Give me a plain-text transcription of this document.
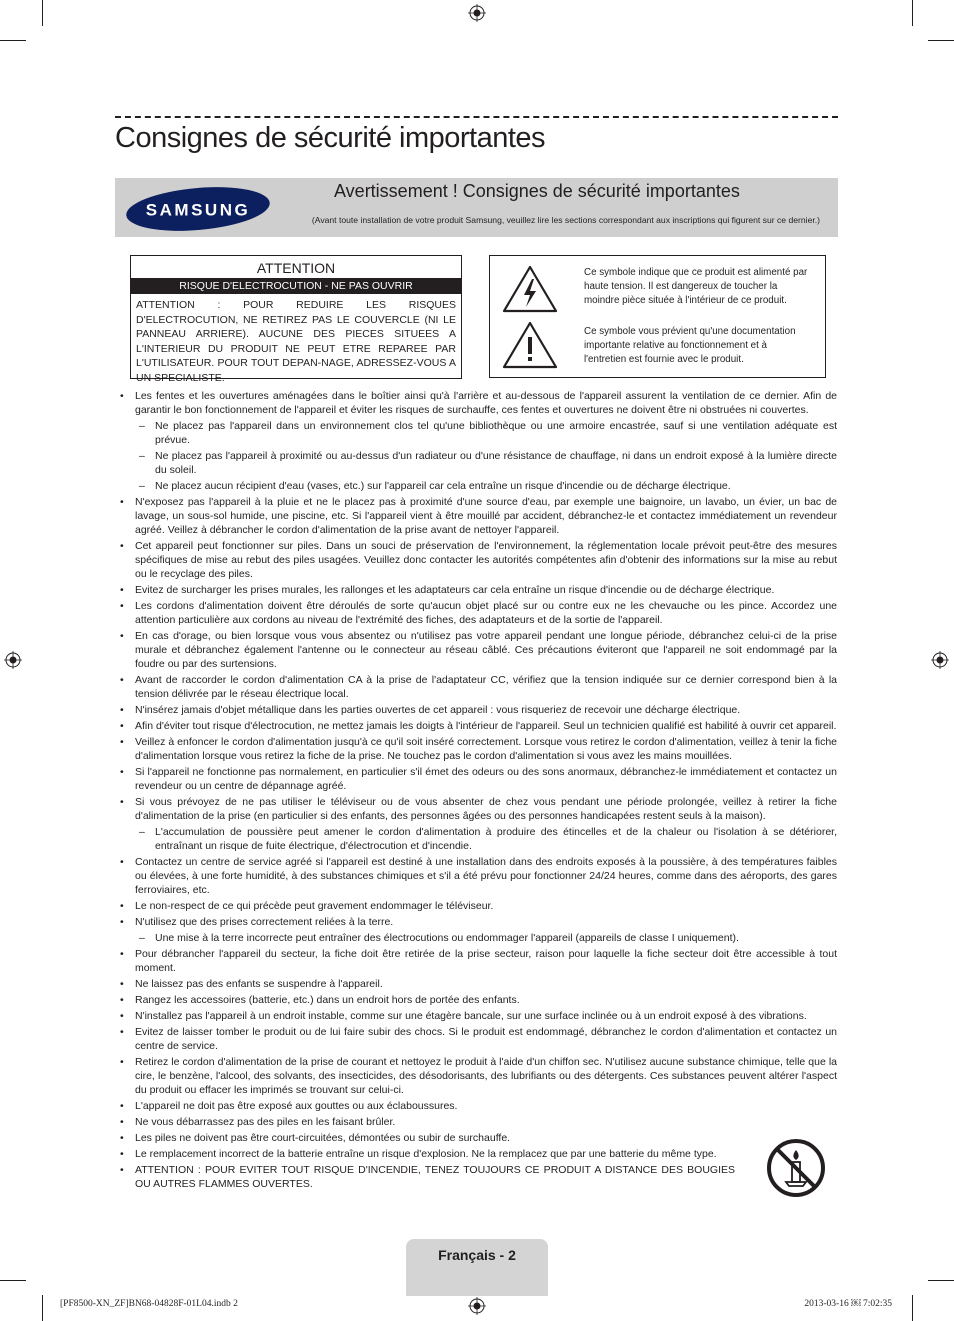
Consignes de sécurité importantes
SAMSUNG
Avertissement ! Consignes de sécurité importantes
(Avant toute installation de votre produit Samsung, veuillez lire les sections correspondant aux inscriptions qui figurent sur ce dernier.)
ATTENTION
RISQUE D'ELECTROCUTION - NE PAS OUVRIR
ATTENTION : POUR REDUIRE LES RISQUES D'ELECTROCUTION, NE RETIREZ PAS LE COUVERCLE (NI LE PANNEAU ARRIERE). AUCUNE DES PIECES SITUEES A L'INTERIEUR DU PRODUIT NE PEUT ETRE REPAREE PAR L'UTILISATEUR. POUR TOUT DEPAN-NAGE, ADRESSEZ-VOUS A UN SPECIALISTE.
Ce symbole indique que ce produit est alimenté par haute tension. Il est dangereux de toucher la moindre pièce située à l'intérieur de ce produit.
Ce symbole vous prévient qu'une documentation importante relative au fonctionnement et à l'entretien est fournie avec le produit.
• Les fentes et les ouvertures aménagées dans le boîtier ainsi qu'à l'arrière et au-dessous de l'appareil assurent la ventilation de ce dernier. Afin de garantir le bon fonctionnement de l'appareil et éviter les risques de surchauffe, ces fentes et ouvertures ne doivent être ni obstruées ni couvertes.
– Ne placez pas l'appareil dans un environnement clos tel qu'une bibliothèque ou une armoire encastrée, sauf si une ventilation adéquate est prévue.
– Ne placez pas l'appareil à proximité ou au-dessus d'un radiateur ou d'une résistance de chauffage, ni dans un endroit exposé à la lumière directe du soleil.
– Ne placez aucun récipient d'eau (vases, etc.) sur l'appareil car cela entraîne un risque d'incendie ou de décharge électrique.
• N'exposez pas l'appareil à la pluie et ne le placez pas à proximité d'une source d'eau, par exemple une baignoire, un lavabo, un évier, un bac de lavage, un sous-sol humide, une piscine, etc. Si l'appareil vient à être mouillé par accident, débranchez-le et contactez immédiatement un revendeur agréé. Veillez à débrancher le cordon d'alimentation de la prise avant de nettoyer l'appareil.
• Cet appareil peut fonctionner sur piles. Dans un souci de préservation de l'environnement, la réglementation locale prévoit peut-être des mesures spécifiques de mise au rebut des piles usagées. Veuillez donc contacter les autorités compétentes afin d'obtenir des informations sur la mise au rebut ou le recyclage des piles.
• Evitez de surcharger les prises murales, les rallonges et les adaptateurs car cela entraîne un risque d'incendie ou de décharge électrique.
• Les cordons d'alimentation doivent être déroulés de sorte qu'aucun objet placé sur ou contre eux ne les chevauche ou les pince. Accordez une attention particulière aux cordons au niveau de l'extrémité des fiches, des adaptateurs et de la sortie de l'appareil.
• En cas d'orage, ou bien lorsque vous vous absentez ou n'utilisez pas votre appareil pendant une longue période, débranchez celui-ci de la prise murale et débranchez également l'antenne ou le connecteur au réseau câblé. Ces précautions éviteront que l'appareil ne soit endommagé par la foudre ou par des surtensions.
• Avant de raccorder le cordon d'alimentation CA à la prise de l'adaptateur CC, vérifiez que la tension indiquée sur ce dernier correspond bien à la tension délivrée par le réseau électrique local.
• N'insérez jamais d'objet métallique dans les parties ouvertes de cet appareil : vous risqueriez de recevoir une décharge électrique.
• Afin d'éviter tout risque d'électrocution, ne mettez jamais les doigts à l'intérieur de l'appareil. Seul un technicien qualifié est habilité à ouvrir cet appareil.
• Veillez à enfoncer le cordon d'alimentation jusqu'à ce qu'il soit inséré correctement. Lorsque vous retirez le cordon d'alimentation, veillez à tenir la fiche d'alimentation lorsque vous retirez la fiche de la prise. Ne touchez pas le cordon d'alimentation si vous avez les mains mouillées.
• Si l'appareil ne fonctionne pas normalement, en particulier s'il émet des odeurs ou des sons anormaux, débranchez-le immédiatement et contactez un revendeur ou un centre de dépannage agréé.
• Si vous prévoyez de ne pas utiliser le téléviseur ou de vous absenter de chez vous pendant une période prolongée, veillez à retirer la fiche d'alimentation de la prise (en particulier si des enfants, des personnes âgées ou des personnes handicapées restent seuls à la maison).
– L'accumulation de poussière peut amener le cordon d'alimentation à produire des étincelles et de la chaleur ou l'isolation à se détériorer, entraînant un risque de fuite électrique, d'électrocution et d'incendie.
• Contactez un centre de service agréé si l'appareil est destiné à une installation dans des endroits exposés à la poussière, à des températures faibles ou élevées, à une forte humidité, à des substances chimiques et s'il a été prévu pour fonctionner 24/24 heures, comme dans des aéroports, des gares ferroviaires, etc.
• Le non-respect de ce qui précède peut gravement endommager le téléviseur.
• N'utilisez que des prises correctement reliées à la terre.
– Une mise à la terre incorrecte peut entraîner des électrocutions ou endommager l'appareil (appareils de classe I uniquement).
• Pour débrancher l'appareil du secteur, la fiche doit être retirée de la prise secteur, raison pour laquelle la fiche secteur doit être accessible à tout moment.
• Ne laissez pas des enfants se suspendre à l'appareil.
• Rangez les accessoires (batterie, etc.) dans un endroit hors de portée des enfants.
• N'installez pas l'appareil à un endroit instable, comme sur une étagère bancale, sur une surface inclinée ou à un endroit exposé à des vibrations.
• Evitez de laisser tomber le produit ou de lui faire subir des chocs. Si le produit est endommagé, débranchez le cordon d'alimentation et contactez un centre de service.
• Retirez le cordon d'alimentation de la prise de courant et nettoyez le produit à l'aide d'un chiffon sec. N'utilisez aucune substance chimique, telle que la cire, le benzène, l'alcool, des solvants, des insecticides, des désodorisants, des lubrifiants ou des détergents. Ces substances peuvent altérer l'aspect du produit ou effacer les imprimés se trouvant sur celui-ci.
• L'appareil ne doit pas être exposé aux gouttes ou aux éclaboussures.
• Ne vous débarrassez pas des piles en les faisant brûler.
• Les piles ne doivent pas être court-circuitées, démontées ou subir de surchauffe.
• Le remplacement incorrect de la batterie entraîne un risque d'explosion. Ne la remplacez que par une batterie du même type.
• ATTENTION : POUR EVITER TOUT RISQUE D'INCENDIE, TENEZ TOUJOURS CE PRODUIT A DISTANCE DES BOUGIES OU AUTRES FLAMMES OUVERTES.
Français - 2
[PF8500-XN_ZF]BN68-04828F-01L04.indb 2	2013-03-16 ￼ 7:02:35
